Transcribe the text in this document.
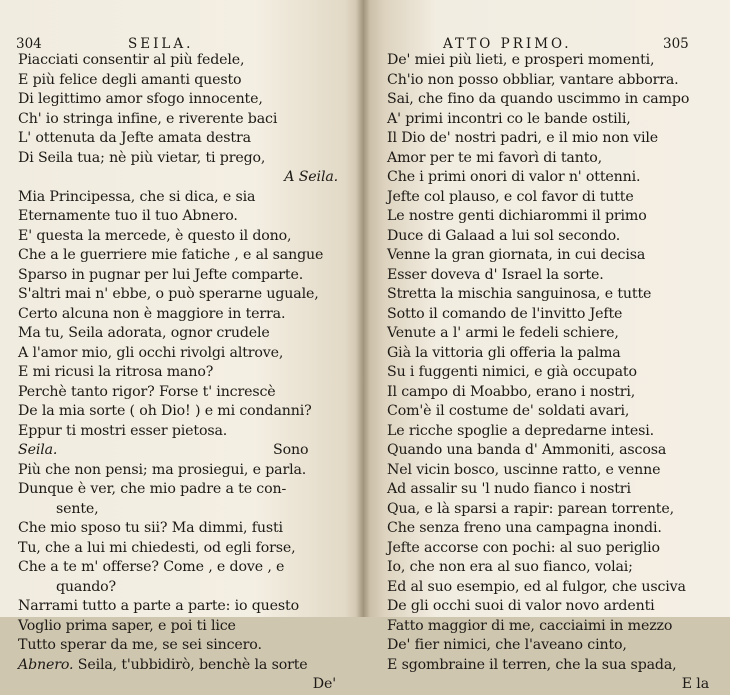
304	SEILA.
Piacciati consentir al più fedele,
E più felice degli amanti questo
Di legittimo amor sfogo innocente,
Ch' io stringa infine, e riverente baci
L' ottenuta da Jefte amata destra
Di Seila tua; nè più vietar, ti prego,
A Seila.
Mia Principessa, che si dica, e sia
Eternamente tuo il tuo Abnero.
E' questa la mercede, è questo il dono,
Che a le guerriere mie fatiche , e al sangue
Sparso in pugnar per lui Jefte comparte.
S'altri mai n' ebbe, o può sperarne uguale,
Certo alcuna non è maggiore in terra.
Ma tu, Seila adorata, ognor crudele
A l'amor mio, gli occhi rivolgi altrove,
E mi ricusi la ritrosa mano?
Perchè tanto rigor? Forse t' increscè
De la mia sorte ( oh Dio! ) e mi condanni?
Eppur ti mostri esser pietosa.
Seila.	Sono
Più che non pensi; ma prosiegui, e parla.
Dunque è ver, che mio padre a te con-
sente,
Che mio sposo tu sii? Ma dimmi, fusti
Tu, che a lui mi chiedesti, od egli forse,
Che a te m' offerse? Come , e dove , e
quando?
Narrami tutto a parte a parte: io questo
Voglio prima saper, e poi ti lice
Tutto sperar da me, se sei sincero.
Abnero. Seila, t'ubbidirò, benchè la sorte
De'
ATTO PRIMO.	305
De' miei più lieti, e prosperi momenti,
Ch'io non posso obbliar, vantare abborra.
Sai, che fino da quando uscimmo in campo
A' primi incontri co le bande ostili,
Il Dio de' nostri padri, e il mio non vile
Amor per te mi favorì di tanto,
Che i primi onori di valor n' ottenni.
Jefte col plauso, e col favor di tutte
Le nostre genti dichiarommi il primo
Duce di Galaad a lui sol secondo.
Venne la gran giornata, in cui decisa
Esser doveva d' Israel la sorte.
Stretta la mischia sanguinosa, e tutte
Sotto il comando de l'invitto Jefte
Venute a l' armi le fedeli schiere,
Già la vittoria gli offeria la palma
Su i fuggenti nimici, e già occupato
Il campo di Moabbo, erano i nostri,
Com'è il costume de' soldati avari,
Le ricche spoglie a depredarne intesi.
Quando una banda d' Ammoniti, ascosa
Nel vicin bosco, uscinne ratto, e venne
Ad assalir su 'l nudo fianco i nostri
Qua, e là sparsi a rapir: parean torrente,
Che senza freno una campagna inondi.
Jefte accorse con pochi: al suo periglio
Io, che non era al suo fianco, volai;
Ed al suo esempio, ed al fulgor, che usciva
De gli occhi suoi di valor novo ardenti
Fatto maggior di me, cacciaimi in mezzo
De' fier nimici, che l'aveano cinto,
E sgombraine il terren, che la sua spada,
E la
